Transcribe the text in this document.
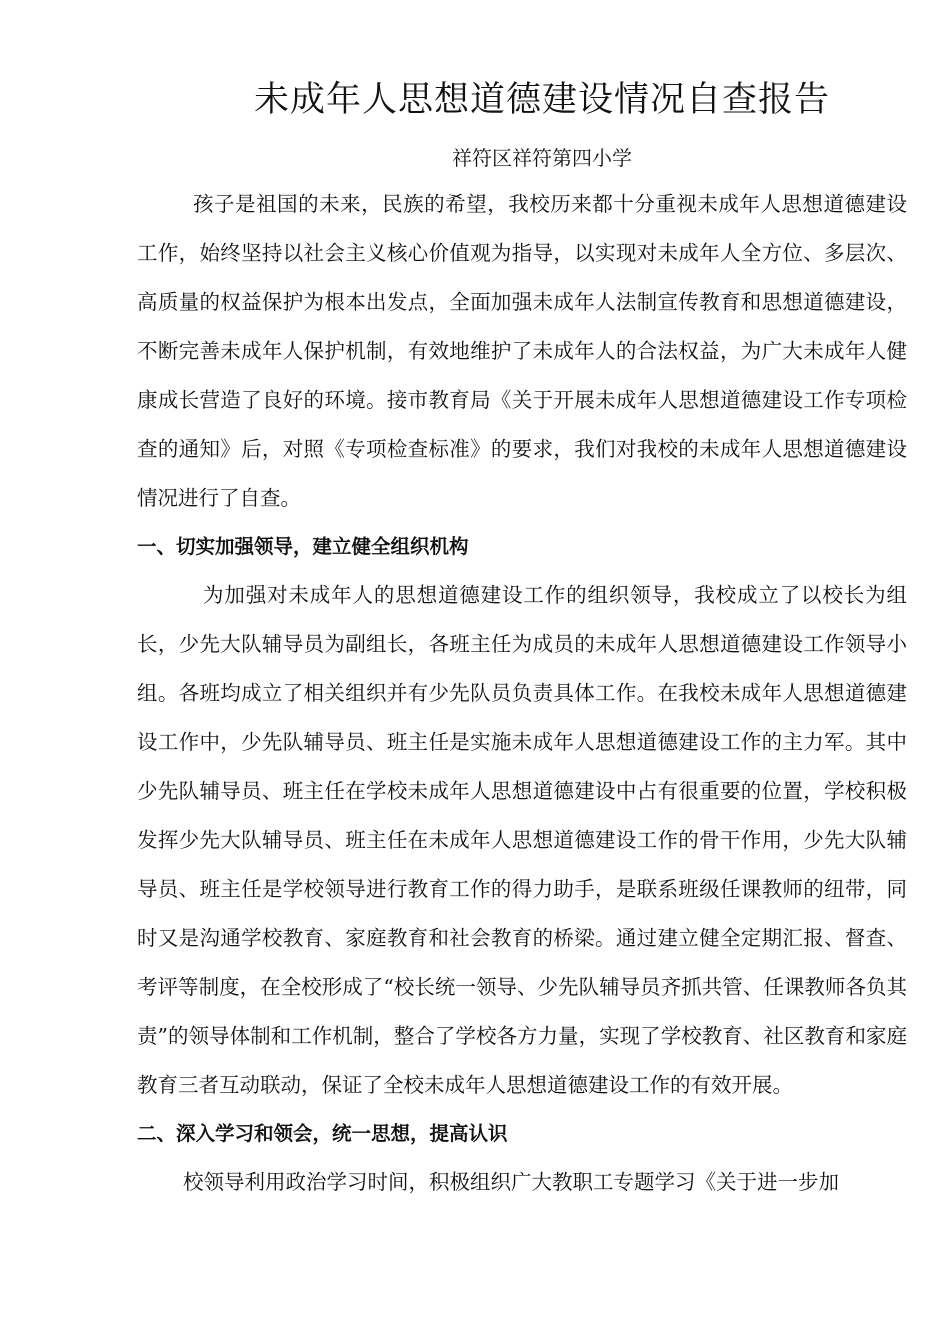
未成年人思想道德建设情况自查报告
祥符区祥符第四小学

孩子是祖国的未来，民族的希望，我校历来都十分重视未成年人思想道德建设工作，始终坚持以社会主义核心价值观为指导，以实现对未成年人全方位、多层次、高质量的权益保护为根本出发点，全面加强未成年人法制宣传教育和思想道德建设，不断完善未成年人保护机制，有效地维护了未成年人的合法权益，为广大未成年人健康成长营造了良好的环境。接市教育局《关于开展未成年人思想道德建设工作专项检查的通知》后，对照《专项检查标准》的要求，我们对我校的未成年人思想道德建设情况进行了自查。

一、切实加强领导，建立健全组织机构

为加强对未成年人的思想道德建设工作的组织领导，我校成立了以校长为组长，少先大队辅导员为副组长，各班主任为成员的未成年人思想道德建设工作领导小组。各班均成立了相关组织并有少先队员负责具体工作。在我校未成年人思想道德建设工作中，少先队辅导员、班主任是实施未成年人思想道德建设工作的主力军。其中少先队辅导员、班主任在学校未成年人思想道德建设中占有很重要的位置，学校积极发挥少先大队辅导员、班主任在未成年人思想道德建设工作的骨干作用，少先大队辅导员、班主任是学校领导进行教育工作的得力助手，是联系班级任课教师的纽带，同时又是沟通学校教育、家庭教育和社会教育的桥梁。通过建立健全定期汇报、督查、考评等制度，在全校形成了“校长统一领导、少先队辅导员齐抓共管、任课教师各负其责”的领导体制和工作机制，整合了学校各方力量，实现了学校教育、社区教育和家庭教育三者互动联动，保证了全校未成年人思想道德建设工作的有效开展。

二、深入学习和领会，统一思想，提高认识

校领导利用政治学习时间，积极组织广大教职工专题学习《关于进一步加
